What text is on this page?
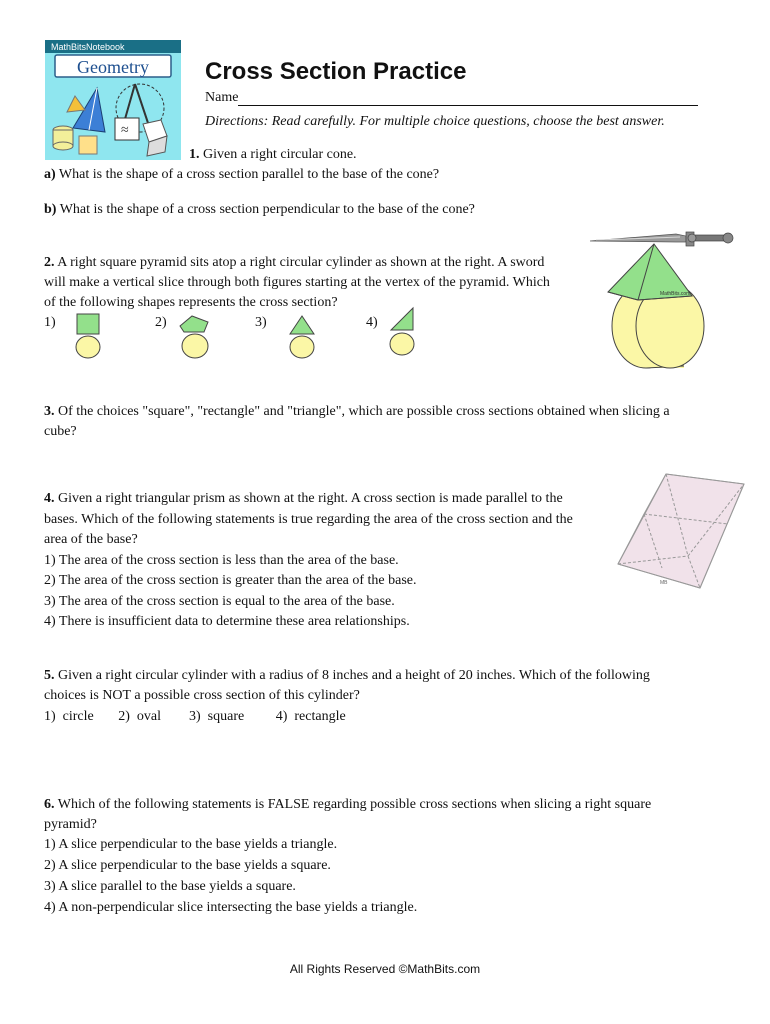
MathBitsNotebook
Geometry
≈
Cross Section Practice
Name
Directions: Read carefully. For multiple choice questions, choose the best answer.
1. Given a right circular cone.
a) What is the shape of a cross section parallel to the base of the cone?
b) What is the shape of a cross section perpendicular to the base of the cone?
2. A right square pyramid sits atop a right circular cylinder as shown at the right. A sword
will make a vertical slice through both figures starting at the vertex of the pyramid. Which
of the following shapes represents the cross section?
1)	2)	3)	4)
MathBits.com
3. Of the choices "square", "rectangle" and "triangle", which are possible cross sections obtained when slicing a
cube?
4. Given a right triangular prism as shown at the right. A cross section is made parallel to the
bases. Which of the following statements is true regarding the area of the cross section and the
area of the base?
1) The area of the cross section is less than the area of the base.
2) The area of the cross section is greater than the area of the base.
3) The area of the cross section is equal to the area of the base.
4) There is insufficient data to determine these area relationships.
MB
5. Given a right circular cylinder with a radius of 8 inches and a height of 20 inches. Which of the following
choices is NOT a possible cross section of this cylinder?
1)  circle       2)  oval        3)  square         4)  rectangle
6. Which of the following statements is FALSE regarding possible cross sections when slicing a right square
pyramid?
1) A slice perpendicular to the base yields a triangle.
2) A slice perpendicular to the base yields a square.
3) A slice parallel to the base yields a square.
4) A non-perpendicular slice intersecting the base yields a triangle.
All Rights Reserved ©MathBits.com
